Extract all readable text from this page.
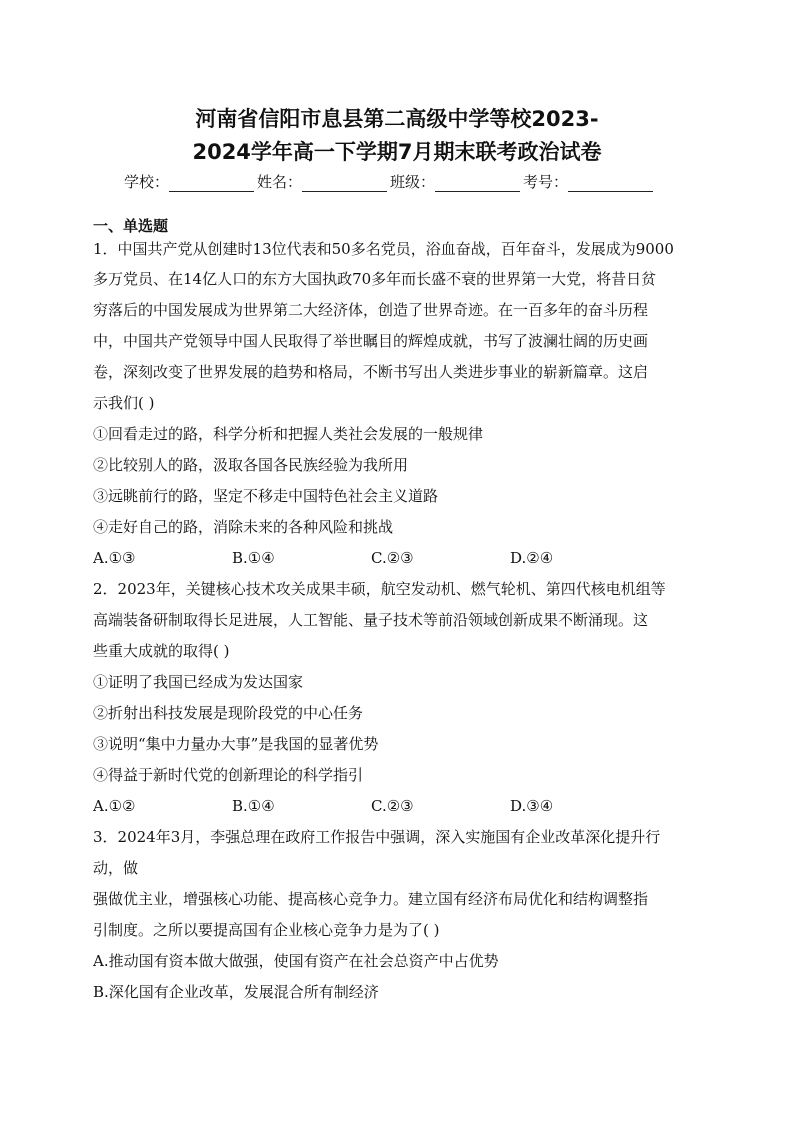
河南省信阳市息县第二高级中学等校2023-
2024学年高一下学期7月期末联考政治试卷
学校：	姓名：	班级：	考号：
一、单选题
1．中国共产党从创建时13位代表和50多名党员，浴血奋战，百年奋斗，发展成为9000
多万党员、在14亿人口的东方大国执政70多年而长盛不衰的世界第一大党，将昔日贫
穷落后的中国发展成为世界第二大经济体，创造了世界奇迹。在一百多年的奋斗历程
中，中国共产党领导中国人民取得了举世瞩目的辉煌成就，书写了波澜壮阔的历史画
卷，深刻改变了世界发展的趋势和格局，不断书写出人类进步事业的崭新篇章。这启
示我们( )
①回看走过的路，科学分析和把握人类社会发展的一般规律
②比较别人的路，汲取各国各民族经验为我所用
③远眺前行的路，坚定不移走中国特色社会主义道路
④走好自己的路，消除未来的各种风险和挑战
A.①③	B.①④	C.②③	D.②④
2．2023年，关键核心技术攻关成果丰硕，航空发动机、燃气轮机、第四代核电机组等
高端装备研制取得长足进展，人工智能、量子技术等前沿领域创新成果不断涌现。这
些重大成就的取得( )
①证明了我国已经成为发达国家
②折射出科技发展是现阶段党的中心任务
③说明“集中力量办大事”是我国的显著优势
④得益于新时代党的创新理论的科学指引
A.①②	B.①④	C.②③	D.③④
3．2024年3月，李强总理在政府工作报告中强调，深入实施国有企业改革深化提升行
动，做
强做优主业，增强核心功能、提高核心竞争力。建立国有经济布局优化和结构调整指
引制度。之所以要提高国有企业核心竞争力是为了( )
A.推动国有资本做大做强，使国有资产在社会总资产中占优势
B.深化国有企业改革，发展混合所有制经济
